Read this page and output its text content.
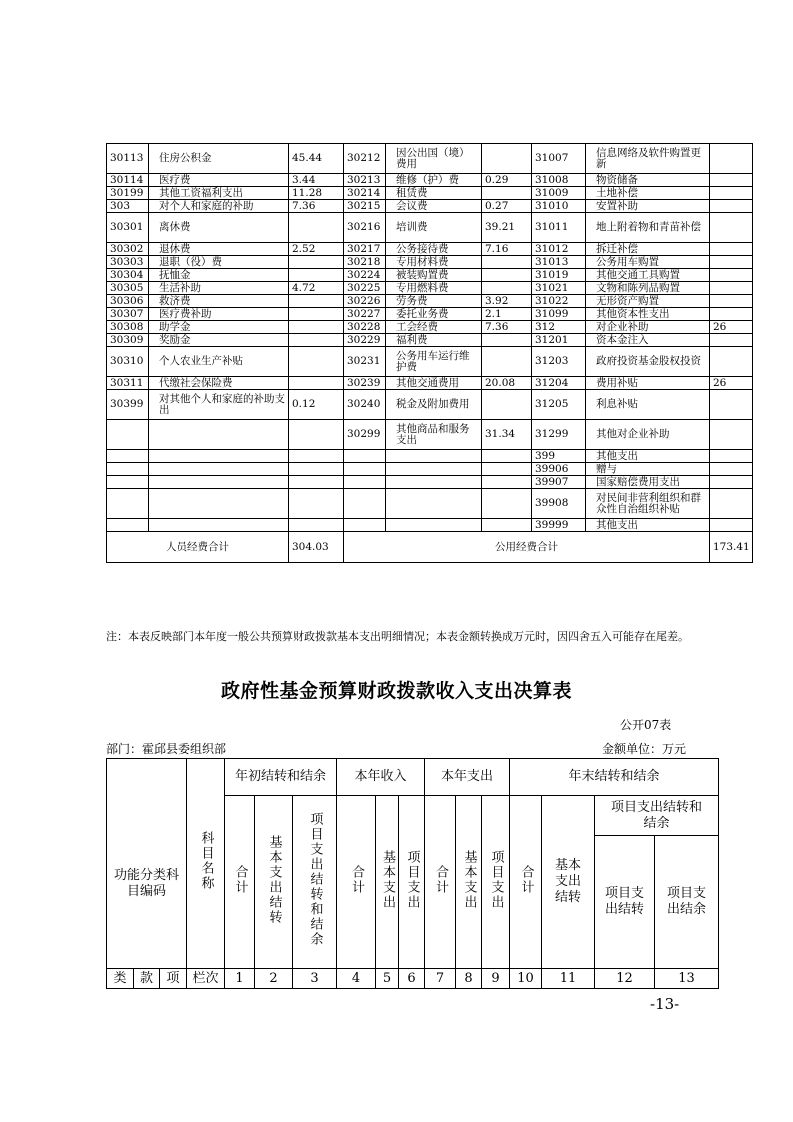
30113	住房公积金	45.44	30212	因公出国（境）费用		31007	信息网络及软件购置更新	
30114	医疗费	3.44	30213	维修（护）费	0.29	31008	物资储备	
30199	其他工资福利支出	11.28	30214	租赁费		31009	土地补偿	
303	对个人和家庭的补助	7.36	30215	会议费	0.27	31010	安置补助	
30301	离休费		30216	培训费	39.21	31011	地上附着物和青苗补偿	
30302	退休费	2.52	30217	公务接待费	7.16	31012	拆迁补偿	
30303	退职（役）费		30218	专用材料费		31013	公务用车购置	
30304	抚恤金		30224	被装购置费		31019	其他交通工具购置	
30305	生活补助	4.72	30225	专用燃料费		31021	文物和陈列品购置	
30306	救济费		30226	劳务费	3.92	31022	无形资产购置	
30307	医疗费补助		30227	委托业务费	2.1	31099	其他资本性支出	
30308	助学金		30228	工会经费	7.36	312	对企业补助	26
30309	奖励金		30229	福利费		31201	资本金注入	
30310	个人农业生产补贴		30231	公务用车运行维护费		31203	政府投资基金股权投资	
30311	代缴社会保险费		30239	其他交通费用	20.08	31204	费用补贴	26
30399	对其他个人和家庭的补助支出	0.12	30240	税金及附加费用		31205	利息补贴	
			30299	其他商品和服务支出	31.34	31299	其他对企业补助	
						399	其他支出	
						39906	赠与	
						39907	国家赔偿费用支出	
						39908	对民间非营利组织和群众性自治组织补贴	
						39999	其他支出	
人员经费合计		304.03	公用经费合计					173.41
注：本表反映部门本年度一般公共预算财政拨款基本支出明细情况；本表金额转换成万元时，因四舍五入可能存在尾差。
政府性基金预算财政拨款收入支出决算表
公开07表
部门：霍邱县委组织部	金额单位：万元
功能分类科目编码			科目名称	年初结转和结余			本年收入			本年支出			年末结转和结余			
				合计	基本支出结转	项目支出结转和结余	合计	基本支出	项目支出	合计	基本支出	项目支出	合计	基本支出结转	项目支出结转和结余	
															项目支出结转	项目支出结余
类	款	项	栏次	1	2	3	4	5	6	7	8	9	10	11	12	13
-13-
